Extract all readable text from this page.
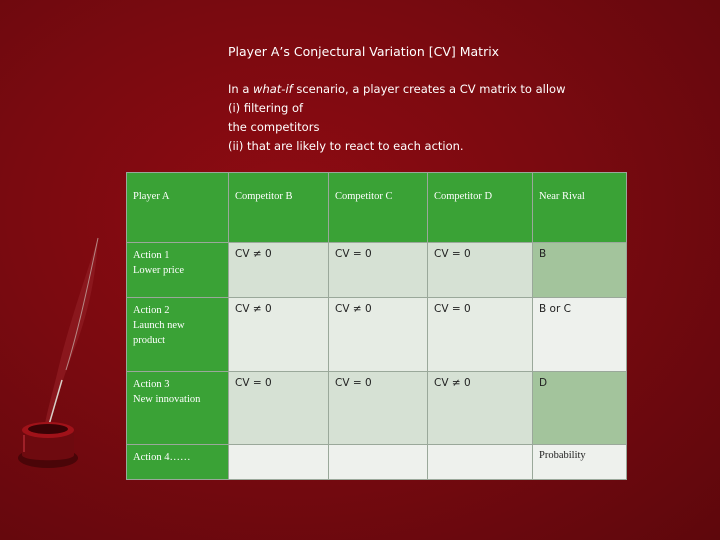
Player A’s Conjectural Variation [CV] Matrix
In a what-if scenario, a player creates a CV matrix to allow
(i) filtering of
the competitors
(ii) that are likely to react to each action.
Player A	Competitor B	Competitor C	Competitor D	Near Rival

Action 1
Lower price	CV ≠ 0	CV = 0	CV = 0	B

Action 2
Launch new
product	CV ≠ 0	CV ≠ 0	CV = 0	B or C

Action 3
New innovation	CV = 0	CV = 0	CV ≠ 0	D

Action 4……				Probability
